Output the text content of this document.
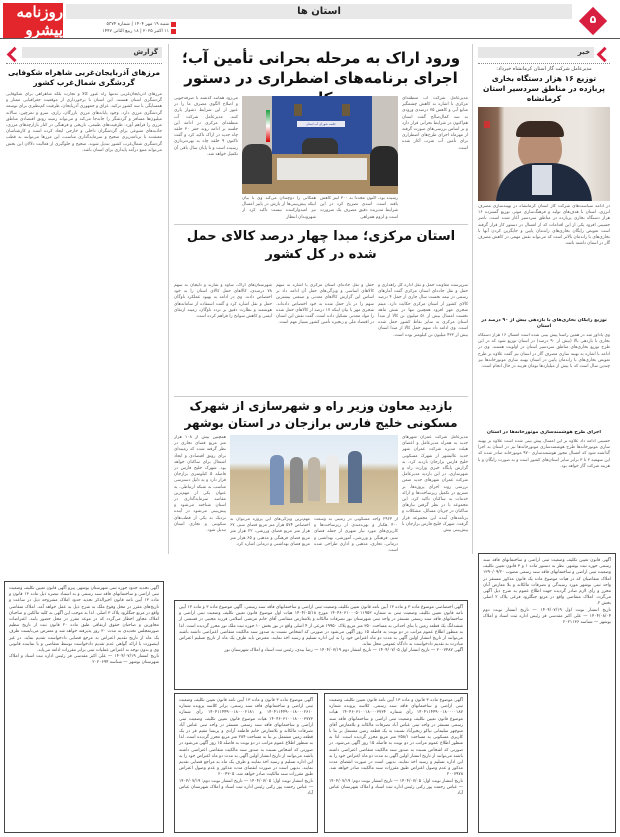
روزنامه پیشرو
استان ها
شنبه ۱۹ مهر ۱۴۰۴ | شماره ۵۳۷۴
۱۱ اکتبر ۲۰۲۵ | ۱۸ ربیع الثانی ۱۴۴۷
۵
خبر
مدیرعامل شرکت گاز استان کرمانشاه خبرداد:
توزیع ۱۶ هزار دستگاه بخاری پربازده در مناطق سردسیر استان کرمانشاه
در ادامه سیاست‌های شرکت گاز استان کرمانشاه در بهینه‌سازی مصرف انرژی، استان با هدف‌های تولید و فرهنگ‌سازی موثر، توزیع گسترده ۱۶ هزار دستگاه بخاری پربازده در مناطق سردسیر آغاز شده است. ناصر حسینی افزود یکی از این اقدامات که از امسال در دستور کار قرار گرفته است تعویض رایگان بخاری‌های راندمان پایین و جایگزین کردن آنها با بخاری‌های با راندمان بالاتر است که می‌تواند نقش مهمی در کاهش مصرف گاز در استان داشته باشد.
توزیع رایگان بخاری‌های با بازدهی بیش از ۹۰ درصد در استان
وی یادآور شد در همین راستا پیش بینی شده است امسال ۱۶ هزار دستگاه بخاری با بازدهی بالا (بیش از ۹۰ درصد) در استان توزیع شود که در این طرح توزیع بخاری‌های مناطق سردسیر استان در اولویت هستند. وی در ادامه با اشاره به بهینه سازی مصرف گاز در استان نیز گفت علاوه بر طرح تعویض بخاری‌های با راندمان پایین در استان بهینه سازی موتورخانه‌ها نیز چندین سال است که با بیش از میلیاردها تومان هزینه در حال انجام است.
اجرای طرح هوشمندسازی موتورخانه‌ها در استان
حسینی ادامه داد علاوه بر این امسال پیش بینی شده است علاوه بر بهینه سازی موتورخانه‌ها طرح هوشمندسازی موتورخانه‌ها نیز در استان به اجرا گذاشته شود که امسال مجوز هوشمندسازی ۹۷۰ موتورخانه صادر شده که این سهمیه ۲ تا ۳ برابر سایر استان‌های کشور است و به صورت رایگان و با هزینه شرکت گاز خواهد بود.
ورود اراک به مرحله بحرانی تأمین آب؛ اجرای برنامه‌های اضطراری در دستور
مدیرعامل شرکت آب منطقه‌ای مرکزی با اشاره به کاهش چشمگیر منابع آبی و کاهش ۷۵ درصدی ورودی به سد کمال‌صالح گفت استان هم‌اکنون در شرایط بحرانی قرار دارد و بر اساس بررسی‌های صورت گرفته از مهرماه اجرای طرح‌های اضطراری برای تأمین آب شرب آغاز شده است.
جلسه شورای آب استان
رسیده بود، اکنون مجدداً به ۳۰۰ لیتر کاهش یافته است. اسدی تصریح کرد در این شرایط مدیریت دقیق مصرف یک ضرورت است و لزوم همراهی
همگانی را دوچندان می‌کند وی با بیان اینکه پیش‌بینی‌ها از بارش در پاییز امسال نیز امیدوارکننده نیست تاکید کرد از شهروندان انتظار
می‌رود همانند گذشته با صرفه‌جویی و اصلاح الگوی مصرف ما را در عبور از این شرایط دشوار یاری کنند. مدیرعامل شرکت آب منطقه‌ای مرکزی در ادامه این جلسه بر ادامه روند حفر ۳۰ حلقه چاه جدید در اراک تاکید کرد و گفت تاکنون ۹ حلقه چاه به بهره‌برداری رسیده است و تا پایان سال باقی آن تکمیل خواهد شد.
استان مرکزی؛ مبدا چهار درصد کالای حمل شده در کل کشور
سرپرست معاونت حمل و نقل اداره کل راهداری و حمل و نقل جاده‌ای استان مرکزی گفت آمارهای رسمی در نیمه نخست سال جاری از حمل ۴ درصد کالای کشور از استان مرکزی حکایت دارد. میثم شجری مهر افزود همچنین تنها در شش ماهه نخست امسال بیش از ۵۱ میلیون تن کالا از مبدأ استان مرکزی به سایر نقاط کشور حمل شده است. وی ادامه داد سهم حمل کالا از مبدا استان بیش از ۴۳۲ میلیون تن کیلومتر بوده است.
حمل و نقل جاده‌ای استان مرکزی با اشاره به سهم کالاهای اساسی و ویژگی‌های حمل آن ادامه داد بر اساس این گزارش کالاهای معدنی و صنعتی بیشترین سهم را در بار حمل شده به خود اختصاص داده‌اند. شجری مهر با بیان اینکه ۱۷ درصد از کالاهای حمل شده را مواد معدنی تشکیل داده است، گفت نقش این استان در اقتصاد ملی و زنجیره تأمین کشور بسیار مهم است.
شهرستان‌های اراک، ساوه و شازند و دلیجان به سهم ۷۸ درصدی، کالاهای حمل کالای استان را به خود اختصاص دادند. وی در ادامه به بهبود عملکرد ناوگان حمل و نقل اشاره کرد و گفت استفاده از سامانه‌های هوشمند و نظارت دقیق بر تردد ناوگان، زمینه ارتقای ایمنی و کاهش سوانح را فراهم کرده است.
بازدید معاون وزیر راه و شهرسازی از شهرک مسکونی خلیج فارس برازجان در استان بوشهر
مدیرعامل شرکت عمران شهرهای جدید به همراه مدیرعامل و اعضای هیئت مدیره شرکت عمران شهر جدید عالیشهر از شهرک مسکونی خلیج فارس برازجان بازدید کرد. به گزارش پایگاه خبری وزارت راه و شهرسازی، در این بازدید مدیرعامل شرکت عمران شهرهای جدید ضمن بررسی روند اجرای پروژه‌ها، بر تسریع در تکمیل زیرساخت‌ها و ارائه خدمات به ساکنان تاکید کرد. این مجموعه با در نظر گرفتن نیازهای ساکنان در جریان مسائل، مشکلات و برنامه‌های آینده این مجموعه قرار گرفت. شهرک خلیج فارس برازجان با پیش‌بینی بیش
از ۲۹۲۴ واحد مسکونی در زمینی به وسعت ۴۰۰ هکتار و بهره‌مندی از زیرساخت‌ها و کاربری‌های مورد نیاز شهری از جمله فضای سبز، فرهنگی و ورزشی، آموزشی، بهداشتی و درمانی، تجاری، مذهبی و اداری طراحی شده است.
مهم‌ترین ویژگی‌های این پروژه می‌توان به اختصاص ۵۷۴ هزار متر مربع فضای سبز، ۶۷ هزار متر مربع فضای ورزشی، ۲۲ هزار متر مربع فضای فرهنگی و مذهبی و ۶۵ هزار متر مربع فضای بهداشتی و درمانی اشاره کرد.
همچنین بیش از ۱۰۸ هزار متر مربع فضای تجاری در نظر گرفته شده که زمینه‌ای برای رونق اقتصادی و ایجاد اشتغال برای ساکنان خواهد بود. شهرک خلیج فارس در فاصله ۵ کیلومتری برازجان قرار دارد و به دلیل دسترسی مناسب به شبکه ارتباطی، به عنوان یکی از مهم‌ترین مقاصد سرمایه‌گذاری در استان شناخته می‌شود و پیش‌بینی می‌شود در آینده نزدیک به یکی از قطب‌های سکونتی و تجاری استان تبدیل شود.
گزارش
مرزهای آذربایجان‌غربی شاهراه شکوفایی گردشگری شمال‌غرب کشور
مرزهای آذربایجان‌غربی نه‌تنها راه عبور کالا و تجارت بلکه شاهراهی برای شکوفایی گردشگری استان هستند. این استان با برخورداری از موقعیت جغرافیایی ممتاز و همسایگی با سه کشور ترکیه، عراق و جمهوری آذربایجان، ظرفیت کم‌نظیری برای توسعه گردشگری مرزی دارد. وجود پایانه‌های مرزی بازرگان، رازی، سرو و تمرچین، سالانه میلیون‌ها مسافر و گردشگر را جابه‌جا می‌کند و می‌تواند زمینه رونق اقتصادی مناطق مرزی را فراهم آورد. ظرفیت‌های طبیعی، تاریخی و فرهنگی در کنار بازارچه‌های مرزی، جاذبه‌های متنوعی برای گردشگران داخلی و خارجی ایجاد کرده است و کارشناسان معتقدند با برنامه‌ریزی صحیح و سرمایه‌گذاری مناسب، این مرزها می‌توانند به قطب گردشگری شمال‌غرب کشور تبدیل شوند. صحیح و جلوگیری از فعالیت دلالان این بخش می‌تواند منبع درآمد پایداری برای استان باشد.
آگهی قانون تعیین تکلیف وضعیت ثبتی اراضی و ساختمانهای فاقد سند رسمی حوزه ثبت بوشهر. نظر به دستور ماده ۱ و ۳ قانون تعیین تکلیف وضعیت ثبتی اراضی و ساختمانهای فاقد سند رسمی مصوب ۱۳۹۰/۰۹/۲۰ املاک متقاضیان که در هیات موضوع ماده یک قانون مذکور مستقر در واحد ثبتی بوشهر مورد رسیدگی و تصرفات مالکانه و بلا معارض آنان محرز و رأی لازم صادر گردیده جهت اطلاع عموم به شرح ذیل آگهی می‌گردد. املاک متقاضی واقع در مرتع جنگلرود فرعی پلاک ۲ اصلی بخش ۲.
تاریخ انتشار نوبت اول ۱۴۰۴/۰۷/۱۹ — تاریخ انتشار نوبت دوم ۱۴۰۴/۰۸/۰۴ — علی اکبر مقدسی فر رئیس اداره ثبت اسناد و املاک بوشهر — شناسه ۲۰۲۱۱۳۶
آگهی اختصاصی موضوع ماده ۳ و ماده ۱۳ آیین نامه قانون تعیین تکلیف وضعیت ثبتی اراضی و ساختمانهای فاقد سند رسمی. آگهی موضوع ماده ۳ و ماده ۱۳ آیین نامه قانون تعیین تکلیف وضعیت ثبتی به شماره ۱۴۰۴۶۰۳۱۰۰۰۵۰۱۱۹۵۳ مورخ ۱۴۰۴/۰۵/۱۸ هیات اول موضوع قانون تعیین تکلیف وضعیت ثبتی اراضی و ساختمانهای فاقد سند رسمی مستقر در واحد ثبتی شهرستان نور تصرفات مالکانه و بلامعارض متقاضی آقای خانم مرتضی اسلامی فرزند مجتبی در قسمتی از ششدانگ یک قطعه زمین با بنای احداثی به مساحت ۳۵۰ متر مربع پلاک ۱۹۹۵۰ فرعی از ۴ اصلی واقع در نور بخش ۱۰ حوزه ثبت ملک نور محرز گردیده است. لذا به منظور اطلاع عموم مراتب در دو نوبت به فاصله ۱۵ روز آگهی می‌شود در صورتی که اشخاص نسبت به صدور سند مالکیت متقاضی اعتراضی داشته باشند می‌توانند از تاریخ انتشار اولین آگهی به مدت دو ماه اعتراض خود را به این اداره تسلیم و رسید اخذ نمایند. معترض باید ظرف یک ماه از تاریخ تسلیم اعتراض مبادرت به تقدیم دادخواست به دادگاه عمومی محل نماید.
آگهی ۲۰۰۷۴۸۷ — تاریخ انتشار اول ۱۴۰۴/۰۷/۰۵ — تاریخ انتشار دوم ۱۴۰۴/۰۷/۱۹ — رضا بیدی، رئیس ثبت اسناد و املاک شهرستان نور
آگهی تحدید حدود حوزه ثبتی شهرستان بوشهر. پیرو آگهی قانون تعیین تکلیف وضعیت ثبتی اراضی و ساختمانهای فاقد سند رسمی و به استناد تبصره ذیل ماده ۱۳ قانون و ماده ۱۳ آیین نامه قانون اخیرالذکر تحدید حدود املاک مشروحه ذیل در ساعت و تاریخ‌های مقرر در محل وقوع ملک به شرح ذیل به عمل خواهد آمد. املاک متقاضی واقع در مرتع جنگلرود پلاک ۳ اصلی. لذا به موجب این آگهی به کلیه مالکین و صاحبان املاک مجاور اخطار می‌گردد که در موعد مقرر در محل حضور یابند. اعتراضات مجاورین و صاحبان حقوق ارتفاقی طبق ماده ۲۰ قانون ثبت از تاریخ تنظیم صورتمجلس تحدیدی به مدت ۳۰ روز پذیرفته خواهد شد و معترض می‌بایست ظرف یک ماه از تاریخ تقدیم اعتراض به مرجع قضایی دادخواست تقدیم نماید. در غیر اینصورت با ارائه گواهی عدم تقدیم دادخواست توسط متقاضی و یا نماینده قانونی وی و بدون توجه به اعتراض عملیات ثبتی برابر مقررات ادامه می‌یابد.
تاریخ انتشار ۱۴۰۴/۰۷/۱۹ — علی اکبر مقدسی فر رئیس اداره ثبت اسناد و املاک شهرستان بوشهر — شناسه ۲۰۲۰۶۹۴
آگهی موضوع ماده ۳ قانون و ماده ۱۳ آیین نامه قانون تعیین تکلیف وضعیت ثبتی اراضی و ساختمانهای فاقد سند رسمی. برابر کلاسه پرونده شماره ۱۴۰۴۱۱۴۴۹۰۰۱۸۰۰۰۲۶۱۰ و ۱۴۰۴۱۱۴۴۹۰۰۱۸۰۰۰۲۱۸۱ رأی شماره ۱۴۰۴۶۰۳۱۰۰۱۸۰۰۰۳۷۷۳ هیات موضوع قانون تعیین تکلیف وضعیت ثبتی اراضی و ساختمانهای فاقد سند رسمی مستقر در واحد ثبتی عباس آباد تصرفات مالکانه و بلامعارض خانم فاطمه آزادی و پریسا مقیم فر در یک قطعه زمین مشتمل بر بنا به مساحت ۲۸۴ متر مربع محرز گردیده است. لذا به منظور اطلاع عموم مراتب در دو نوبت به فاصله ۱۵ روز آگهی می‌شود در صورتی که اشخاص نسبت به صدور سند مالکیت متقاضی اعتراضی داشته باشند می‌توانند از تاریخ انتشار اولین آگهی به مدت دو ماه اعتراض خود را به این اداره تسلیم و رسید اخذ نمایند و ظرف یک ماه به مراجع قضایی تقدیم نمایند. بدیهی است در صورت انقضای مدت مذکور و عدم وصول اعتراض طبق مقررات سند مالکیت صادر خواهد شد. ۲۰۰۴۳۰۵
تاریخ انتشار نوبت اول: ۱۴۰۴/۰۷/۰۵ — تاریخ انتشار نوبت دوم: ۱۴۰۴/۰۷/۱۹ — عباس رحمت پور رکنی رئیس اداره ثبت اسناد و املاک شهرستان عباس آباد
آگهی موضوع ماده ۳ قانون و ماده ۱۳ آیین نامه قانون تعیین تکلیف وضعیت ثبتی اراضی و ساختمانهای فاقد سند رسمی. کلاسه پرونده شماره ۱۴۰۴۱۱۴۴۹۰۰۱۸۰۰۰۰۱۸۷ رأی شماره ۱۴۰۴۶۰۳۱۰۰۱۸۰۰۰۳۷۳۴ هیات موضوع قانون تعیین تکلیف وضعیت ثبتی اراضی و ساختمانهای فاقد سند رسمی مستقر در واحد ثبتی عباس آباد تصرفات مالکانه و بلامعارض آقای منوچهر سلیمانی نیاکو زنجیرآباد نسبت به یک قطعه زمین مشتمل بر بنا با کاربری مسکونی به مساحت ۳۵۸/۱ متر مربع محرز گردیده است. لذا به منظور اطلاع عموم مراتب در دو نوبت به فاصله ۱۵ روز آگهی می‌شود. در صورتی که اشخاص نسبت به صدور سند مالکیت متقاضی اعتراضی داشته باشند می‌توانند از تاریخ انتشار اولین آگهی به مدت دو ماه اعتراض خود را به این اداره تسلیم و رسید اخذ نمایند. بدیهی است در صورت انقضای مدت مذکور و عدم وصول اعتراض طبق مقررات سند مالکیت صادر خواهد شد. ۲۰۰۷۹۷۸
تاریخ انتشار نوبت اول: ۱۴۰۴/۰۷/۰۵ — تاریخ انتشار نوبت دوم: ۱۴۰۴/۰۷/۱۹ — عباس رحمت پور رکنی رئیس اداره ثبت اسناد و املاک شهرستان عباس آباد
